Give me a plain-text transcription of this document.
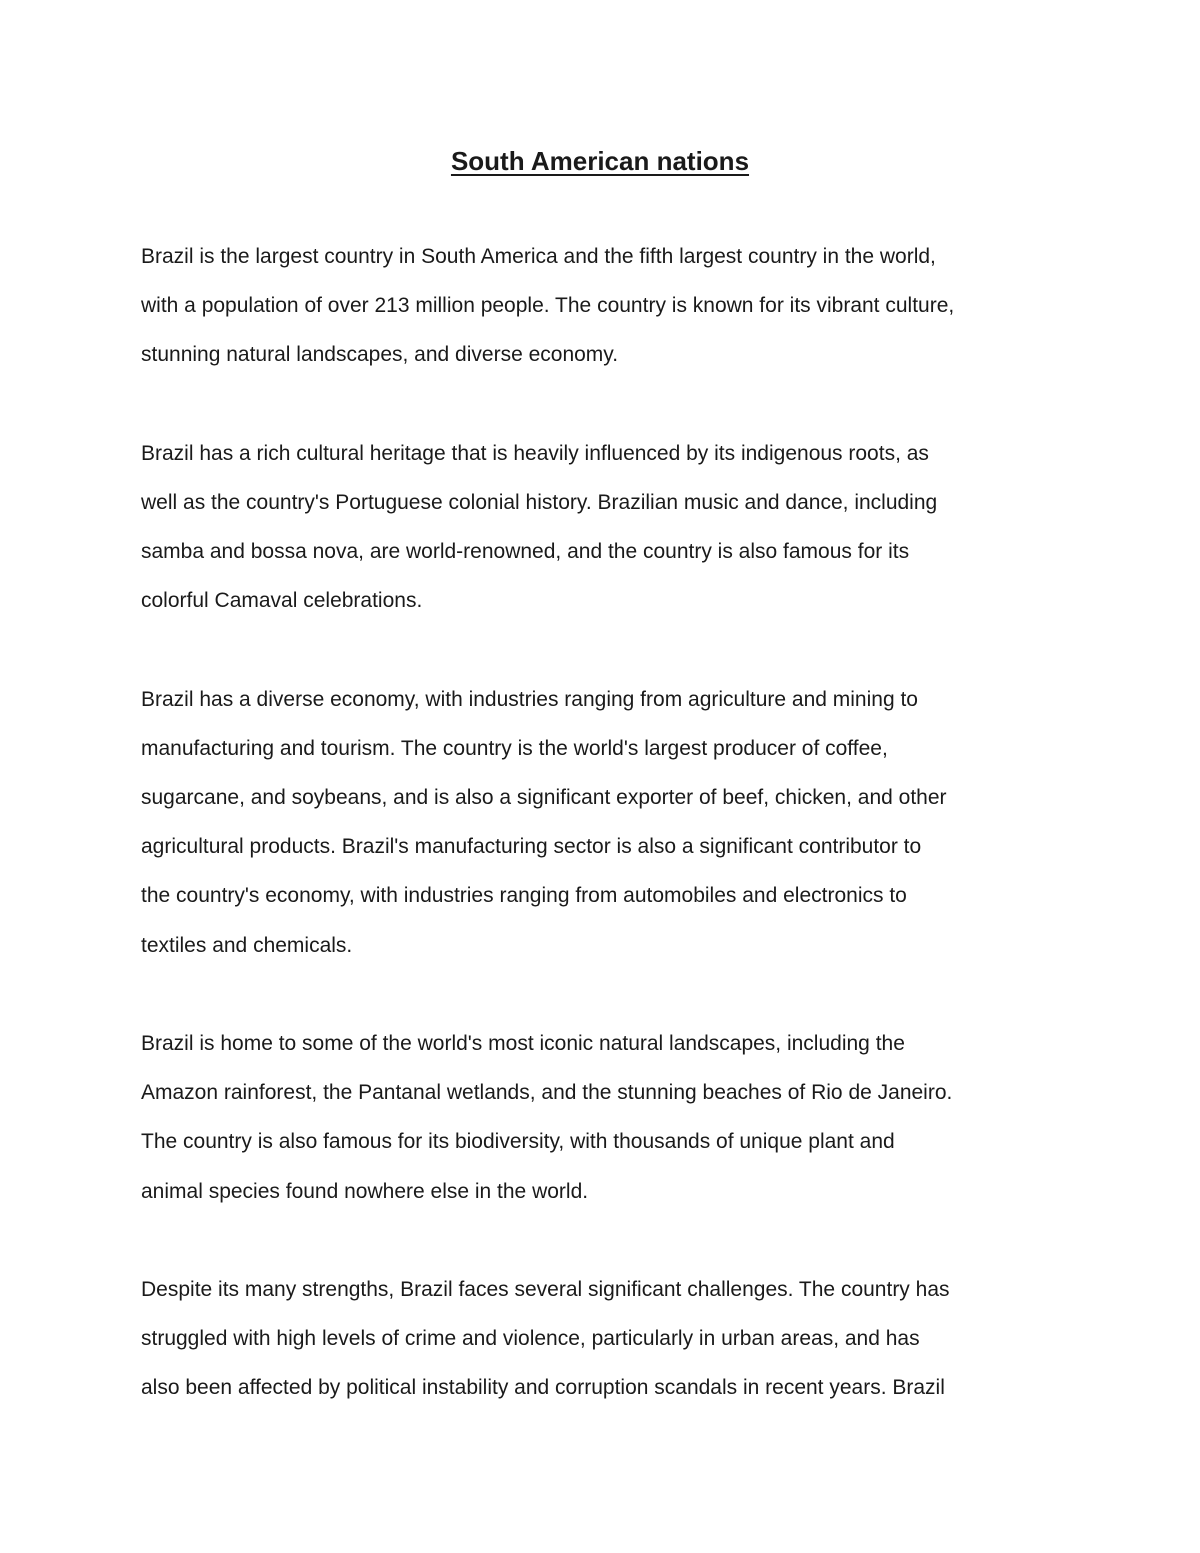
South American nations
Brazil is the largest country in South America and the fifth largest country in the world,
with a population of over 213 million people. The country is known for its vibrant culture,
stunning natural landscapes, and diverse economy.
Brazil has a rich cultural heritage that is heavily influenced by its indigenous roots, as
well as the country's Portuguese colonial history. Brazilian music and dance, including
samba and bossa nova, are world-renowned, and the country is also famous for its
colorful Camaval celebrations.
Brazil has a diverse economy, with industries ranging from agriculture and mining to
manufacturing and tourism. The country is the world's largest producer of coffee,
sugarcane, and soybeans, and is also a significant exporter of beef, chicken, and other
agricultural products. Brazil's manufacturing sector is also a significant contributor to
the country's economy, with industries ranging from automobiles and electronics to
textiles and chemicals.
Brazil is home to some of the world's most iconic natural landscapes, including the
Amazon rainforest, the Pantanal wetlands, and the stunning beaches of Rio de Janeiro.
The country is also famous for its biodiversity, with thousands of unique plant and
animal species found nowhere else in the world.
Despite its many strengths, Brazil faces several significant challenges. The country has
struggled with high levels of crime and violence, particularly in urban areas, and has
also been affected by political instability and corruption scandals in recent years. Brazil
